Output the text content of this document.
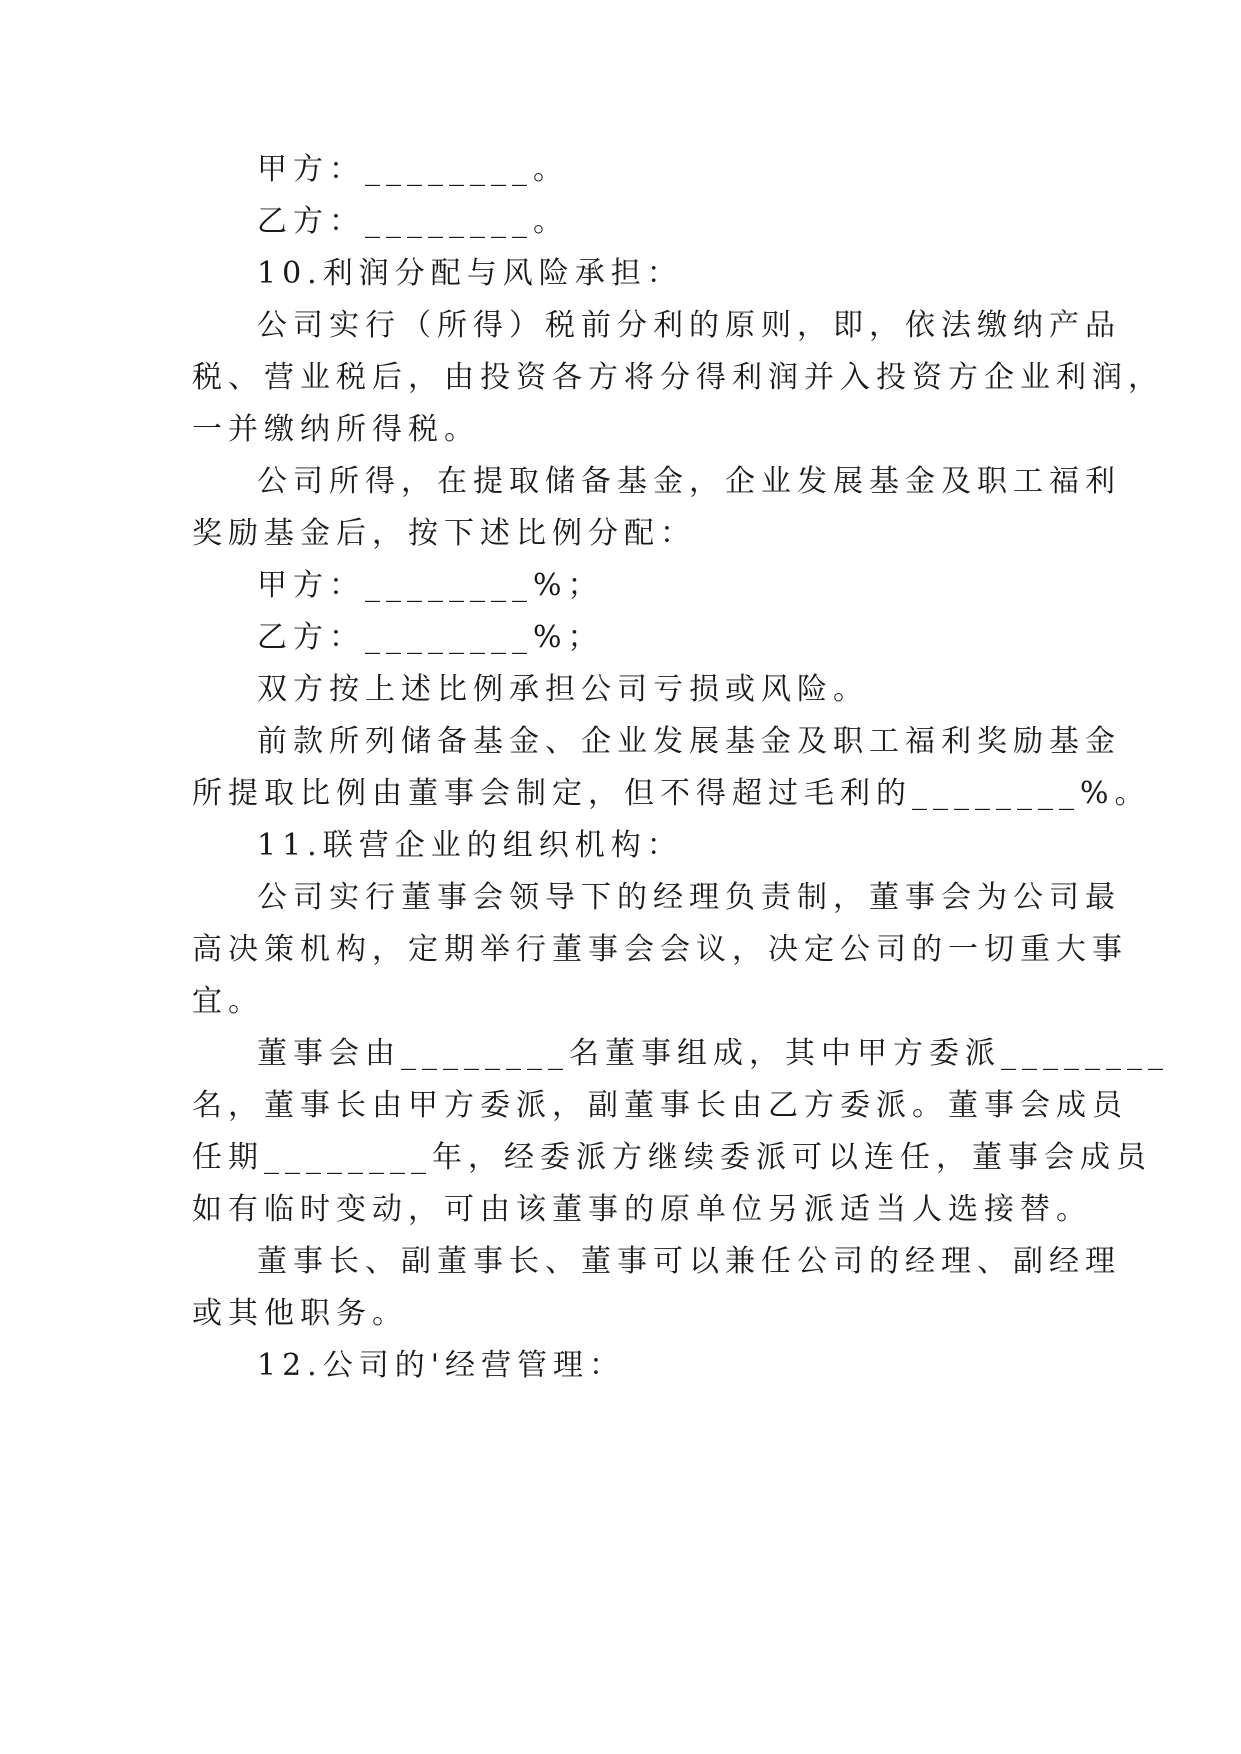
甲方：________。
乙方：________。
10.利润分配与风险承担：
公司实行（所得）税前分利的原则，即，依法缴纳产品
税、营业税后，由投资各方将分得利润并入投资方企业利润，
一并缴纳所得税。
公司所得，在提取储备基金，企业发展基金及职工福利
奖励基金后，按下述比例分配：
甲方：________%；
乙方：________%；
双方按上述比例承担公司亏损或风险。
前款所列储备基金、企业发展基金及职工福利奖励基金
所提取比例由董事会制定，但不得超过毛利的________%。
11.联营企业的组织机构：
公司实行董事会领导下的经理负责制，董事会为公司最
高决策机构，定期举行董事会会议，决定公司的一切重大事
宜。
董事会由________名董事组成，其中甲方委派________
名，董事长由甲方委派，副董事长由乙方委派。董事会成员
任期________年，经委派方继续委派可以连任，董事会成员
如有临时变动，可由该董事的原单位另派适当人选接替。
董事长、副董事长、董事可以兼任公司的经理、副经理
或其他职务。
12.公司的'经营管理：
